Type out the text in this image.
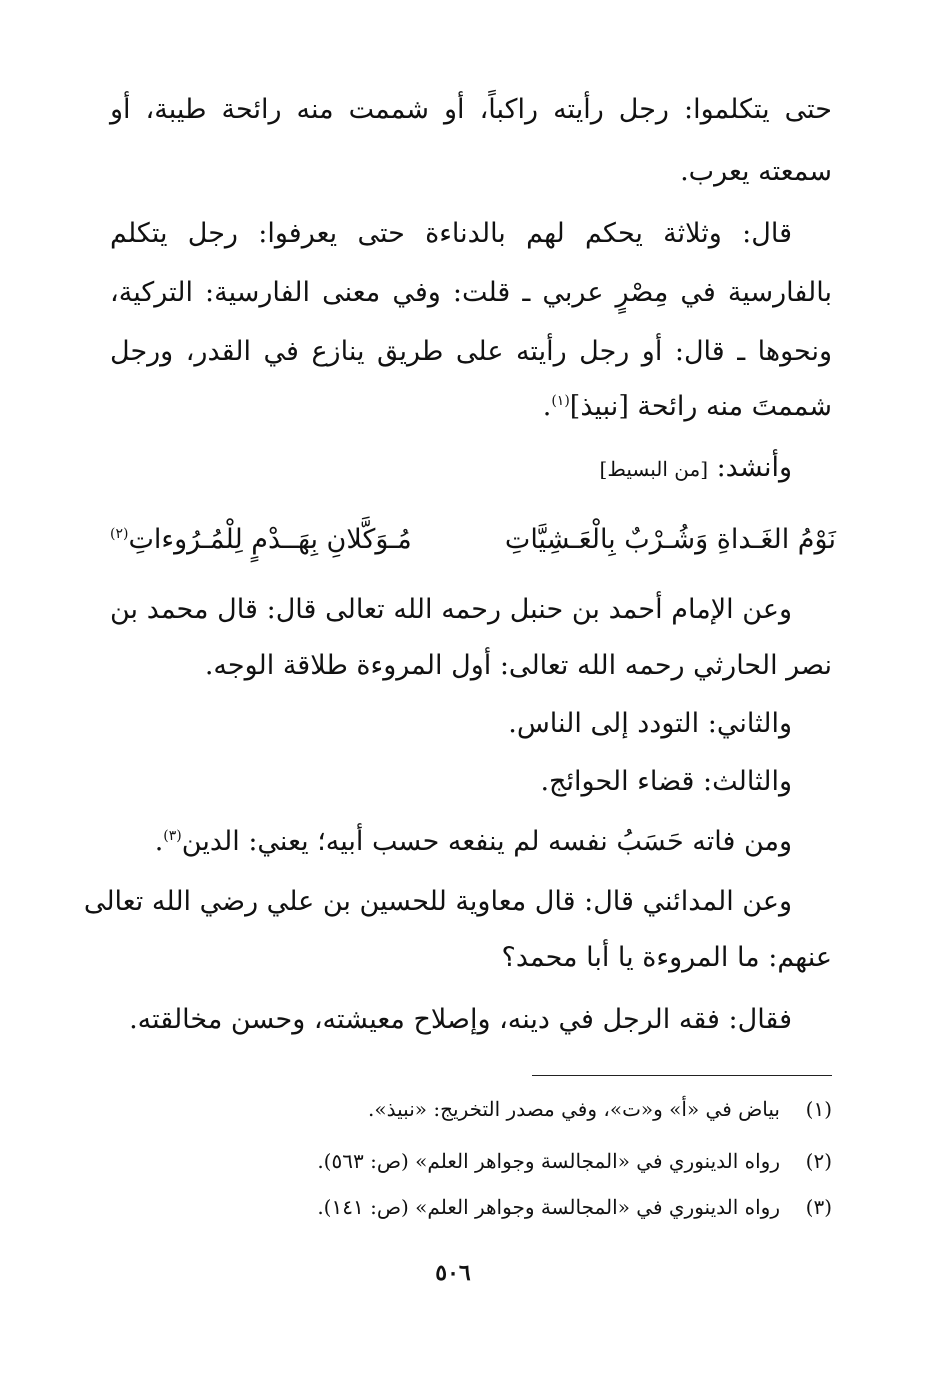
حتى يتكلموا: رجل رأيته راكباً، أو شممت منه رائحة طيبة، أو
سمعته يعرب.
قال: وثلاثة يحكم لهم بالدناءة حتى يعرفوا: رجل يتكلم
بالفارسية في مِصْرٍ عربي ـ قلت: وفي معنى الفارسية: التركية،
ونحوها ـ قال: أو رجل رأيته على طريق ينازع في القدر، ورجل
شممتَ منه رائحة [نبيذ]$^{(١)}$.
وأنشد: [من البسيط]
نَوْمُ الغَـداةِ وَشُـرْبٌ بِالْعَـشِيَّاتِ
مُـوَكَّلانِ بِهَــدْمٍ لِلْمُـرُوءاتِ$^{(٢)}$
وعن الإمام أحمد بن حنبل رحمه الله تعالى قال: قال محمد بن
نصر الحارثي رحمه الله تعالى: أول المروءة طلاقة الوجه.
والثاني: التودد إلى الناس.
والثالث: قضاء الحوائج.
ومن فاته حَسَبُ نفسه لم ينفعه حسب أبيه؛ يعني: الدين$^{(٣)}$.
وعن المدائني قال: قال معاوية للحسين بن علي رضي الله تعالى
عنهم: ما المروءة يا أبا محمد؟
فقال: فقه الرجل في دينه، وإصلاح معيشته، وحسن مخالقته.
(١)بياض في «أ» و«ت»، وفي مصدر التخريج: «نبيذ».
(٢)رواه الدينوري في «المجالسة وجواهر العلم» (ص: ٥٦٣).
(٣)رواه الدينوري في «المجالسة وجواهر العلم» (ص: ١٤١).
٥٠٦
